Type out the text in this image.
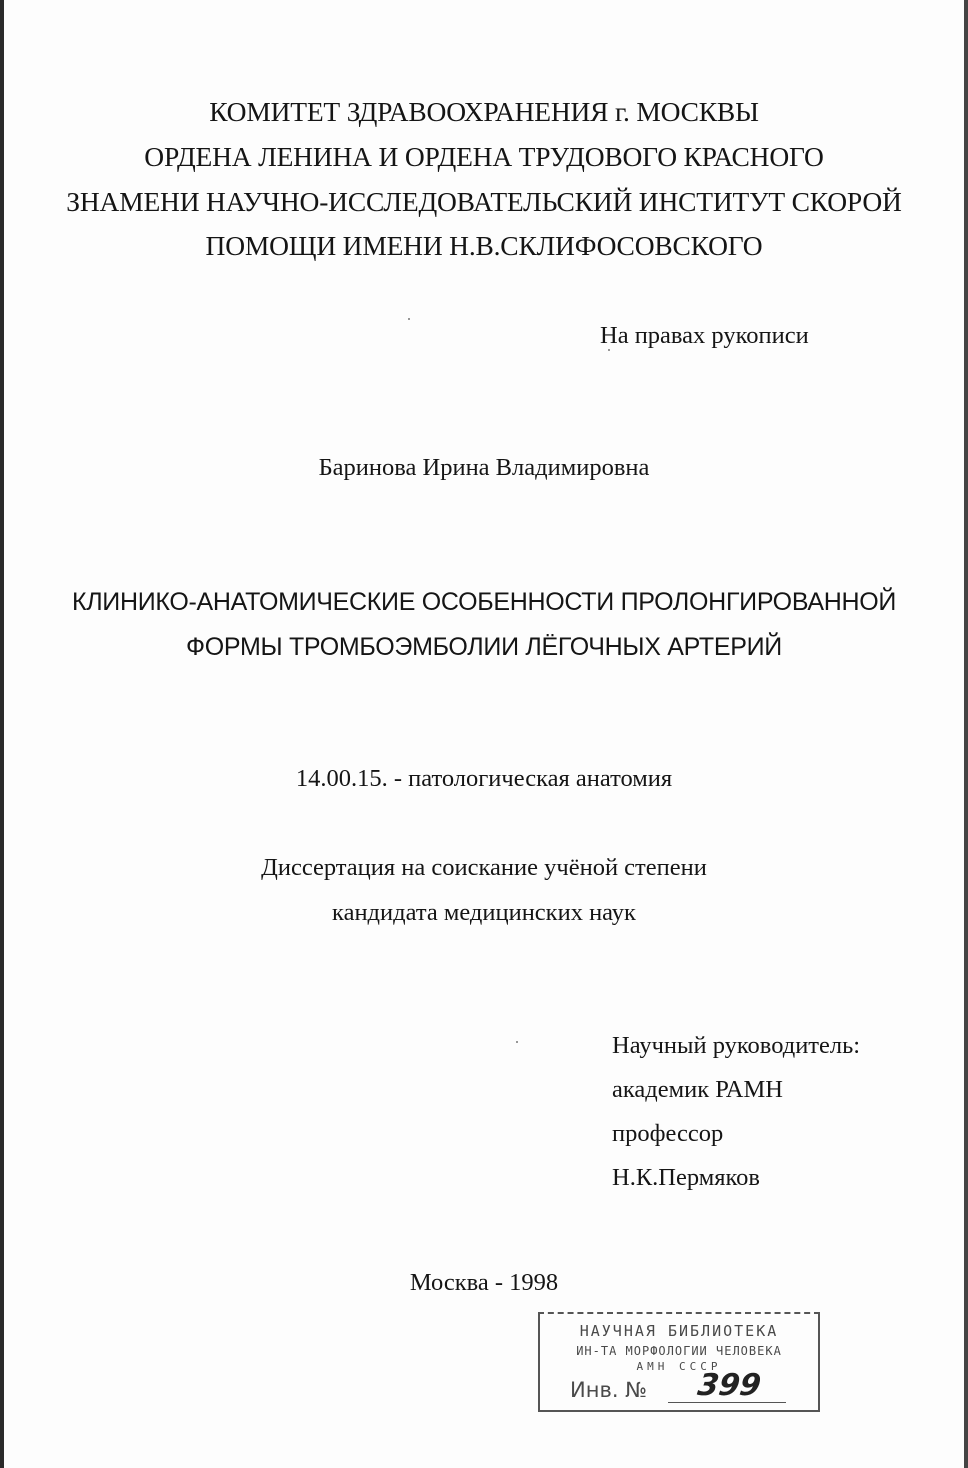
КОМИТЕТ ЗДРАВООХРАНЕНИЯ г. МОСКВЫ
ОРДЕНА ЛЕНИНА И ОРДЕНА ТРУДОВОГО КРАСНОГО
ЗНАМЕНИ НАУЧНО-ИССЛЕДОВАТЕЛЬСКИЙ ИНСТИТУТ СКОРОЙ
ПОМОЩИ ИМЕНИ Н.В.СКЛИФОСОВСКОГО
На правах рукописи
Баринова Ирина Владимировна
КЛИНИКО-АНАТОМИЧЕСКИЕ ОСОБЕННОСТИ ПРОЛОНГИРОВАННОЙ
ФОРМЫ ТРОМБОЭМБОЛИИ ЛЁГОЧНЫХ АРТЕРИЙ
14.00.15. - патологическая анатомия
Диссертация на соискание учёной степени
кандидата медицинских наук
Научный руководитель:
академик РАМН
профессор
Н.К.Пермяков
Москва - 1998
НАУЧНАЯ БИБЛИОТЕКА
ИН-ТА МОРФОЛОГИИ ЧЕЛОВЕКА
АМН СССР
Инв. № 399
